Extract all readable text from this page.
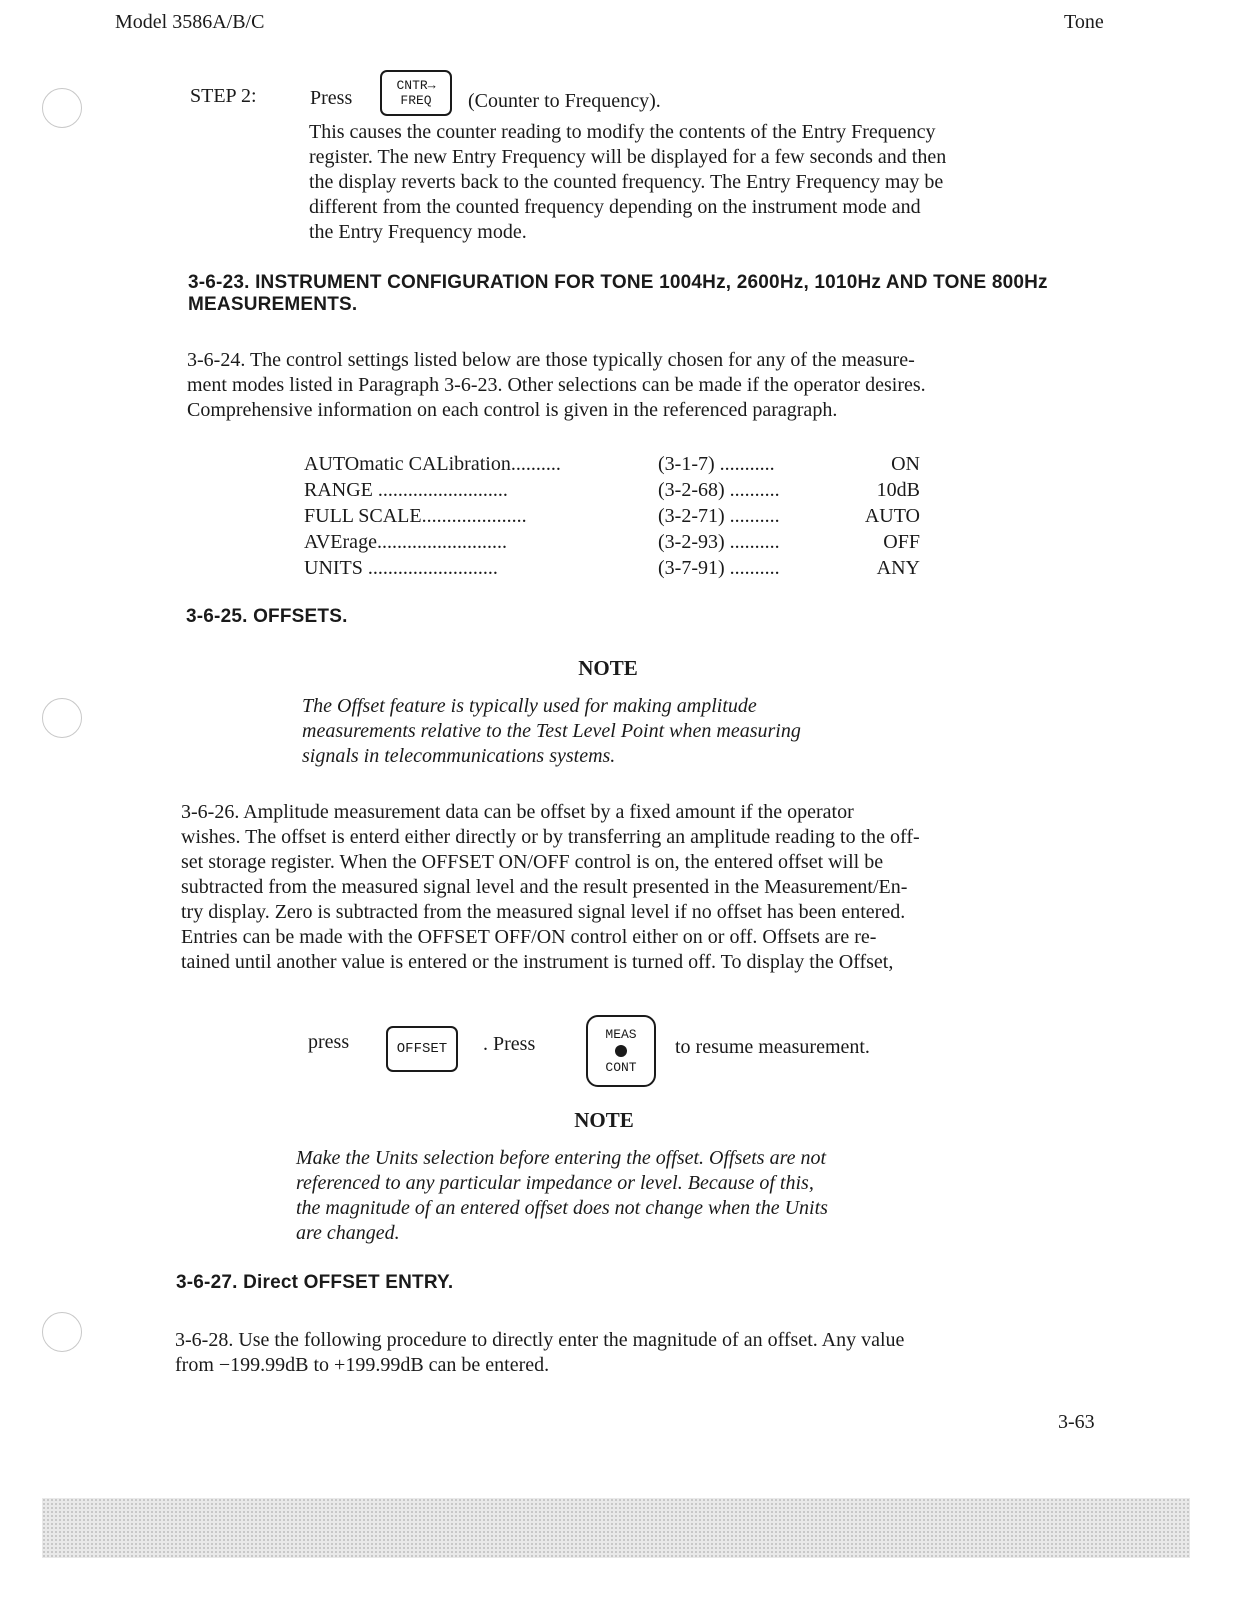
Model 3586A/B/C	Tone
STEP 2:	Press
CNTR→
FREQ (Counter to Frequency).
This causes the counter reading to modify the contents of the Entry Frequency
register. The new Entry Frequency will be displayed for a few seconds and then
the display reverts back to the counted frequency. The Entry Frequency may be
different from the counted frequency depending on the instrument mode and
the Entry Frequency mode.
3-6-23. INSTRUMENT CONFIGURATION FOR TONE 1004Hz, 2600Hz, 1010Hz AND TONE 800Hz
MEASUREMENTS.
3-6-24. The control settings listed below are those typically chosen for any of the measure-
ment modes listed in Paragraph 3-6-23. Other selections can be made if the operator desires.
Comprehensive information on each control is given in the referenced paragraph.
AUTOmatic CALibration..........	(3-1-7) ...........	ON
RANGE ..........................	(3-2-68) ..........	10dB
FULL SCALE.....................	(3-2-71) ..........	AUTO
AVErage..........................	(3-2-93) ..........	OFF
UNITS ..........................	(3-7-91) ..........	ANY
3-6-25. OFFSETS.
NOTE
The Offset feature is typically used for making amplitude
measurements relative to the Test Level Point when measuring
signals in telecommunications systems.
3-6-26. Amplitude measurement data can be offset by a fixed amount if the operator
wishes. The offset is enterd either directly or by transferring an amplitude reading to the off-
set storage register. When the OFFSET ON/OFF control is on, the entered offset will be
subtracted from the measured signal level and the result presented in the Measurement/En-
try display. Zero is subtracted from the measured signal level if no offset has been entered.
Entries can be made with the OFFSET OFF/ON control either on or off. Offsets are re-
tained until another value is entered or the instrument is turned off. To display the Offset,
press	OFFSET . Press	MEAS
CONT
to resume measurement.
NOTE
Make the Units selection before entering the offset. Offsets are not
referenced to any particular impedance or level. Because of this,
the magnitude of an entered offset does not change when the Units
are changed.
3-6-27. Direct OFFSET ENTRY.
3-6-28. Use the following procedure to directly enter the magnitude of an offset. Any value
from −199.99dB to +199.99dB can be entered.
3-63
